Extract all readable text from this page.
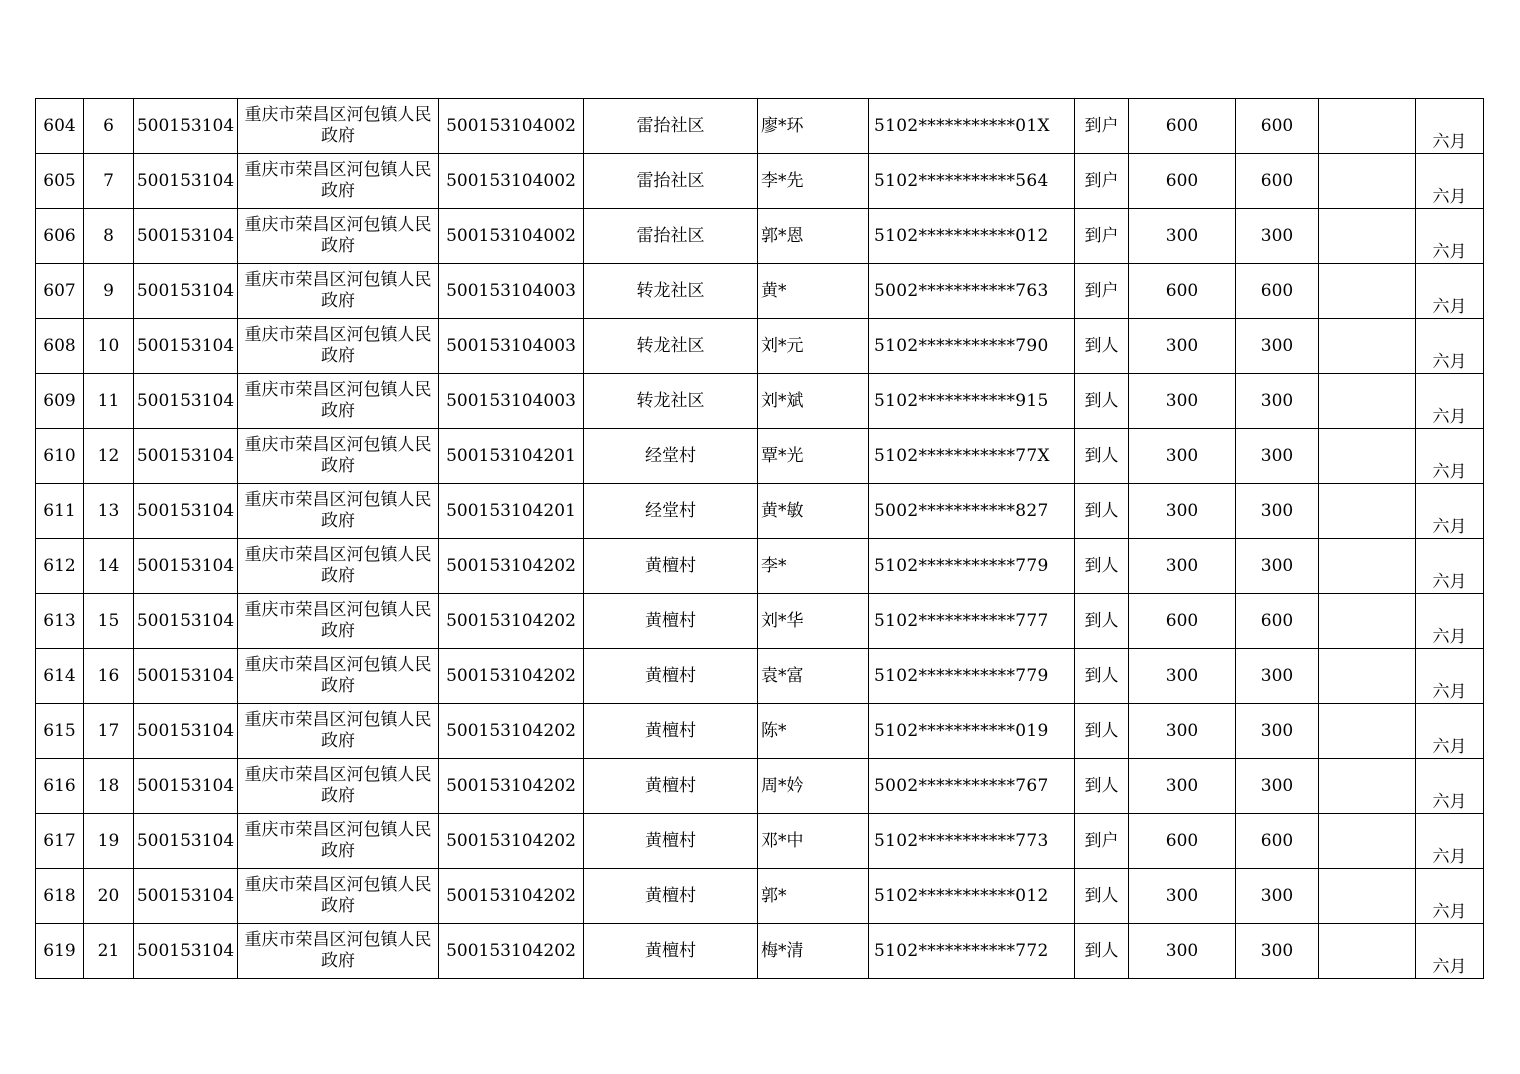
604	6	500153104	重庆市荣昌区河包镇人民政府	500153104002	雷抬社区	廖*环	5102***********01X	到户	600	600		六月
605	7	500153104	重庆市荣昌区河包镇人民政府	500153104002	雷抬社区	李*先	5102***********564	到户	600	600		六月
606	8	500153104	重庆市荣昌区河包镇人民政府	500153104002	雷抬社区	郭*恩	5102***********012	到户	300	300		六月
607	9	500153104	重庆市荣昌区河包镇人民政府	500153104003	转龙社区	黄*	5002***********763	到户	600	600		六月
608	10	500153104	重庆市荣昌区河包镇人民政府	500153104003	转龙社区	刘*元	5102***********790	到人	300	300		六月
609	11	500153104	重庆市荣昌区河包镇人民政府	500153104003	转龙社区	刘*斌	5102***********915	到人	300	300		六月
610	12	500153104	重庆市荣昌区河包镇人民政府	500153104201	经堂村	覃*光	5102***********77X	到人	300	300		六月
611	13	500153104	重庆市荣昌区河包镇人民政府	500153104201	经堂村	黄*敏	5002***********827	到人	300	300		六月
612	14	500153104	重庆市荣昌区河包镇人民政府	500153104202	黄檀村	李*	5102***********779	到人	300	300		六月
613	15	500153104	重庆市荣昌区河包镇人民政府	500153104202	黄檀村	刘*华	5102***********777	到人	600	600		六月
614	16	500153104	重庆市荣昌区河包镇人民政府	500153104202	黄檀村	袁*富	5102***********779	到人	300	300		六月
615	17	500153104	重庆市荣昌区河包镇人民政府	500153104202	黄檀村	陈*	5102***********019	到人	300	300		六月
616	18	500153104	重庆市荣昌区河包镇人民政府	500153104202	黄檀村	周*妗	5002***********767	到人	300	300		六月
617	19	500153104	重庆市荣昌区河包镇人民政府	500153104202	黄檀村	邓*中	5102***********773	到户	600	600		六月
618	20	500153104	重庆市荣昌区河包镇人民政府	500153104202	黄檀村	郭*	5102***********012	到人	300	300		六月
619	21	500153104	重庆市荣昌区河包镇人民政府	500153104202	黄檀村	梅*清	5102***********772	到人	300	300		六月
